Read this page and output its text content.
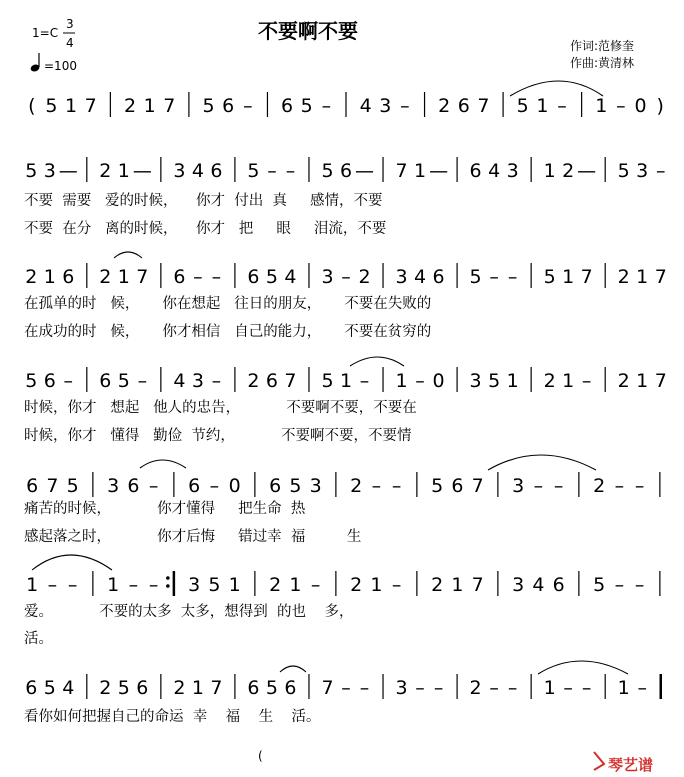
1=C
3
4
=100
不要啊不要
作词:范修奎
作曲:黄清林
( 5 1 7 2 1 7 5 6 – 6 5 – 4 3 – 2 6 7 5 1 – 1 – 0 )
5 3 — 2 1 — 3 4 6 5 – – 5 6 — 7 1 — 6 4 3 1 2 — 5 3 –
2 1 6 2 1 7 6 – – 6 5 4 3 – 2 3 4 6 5 – – 5 1 7 2 1 7
5 6 – 6 5 – 4 3 – 2 6 7 5 1 – 1 – 0 3 5 1 2 1 – 2 1 7
6 7 5 3 6 – 6 – 0 6 5 3 2 – – 5 6 7 3 – – 2 – –
1 – – 1 – – 3 5 1 2 1 – 2 1 – 2 1 7 3 4 6 5 – –
6 5 4 2 5 6 2 1 7 6 5 6 7 – – 3 – – 2 – – 1 – – 1 –
不要  需要   爱的时候，    你才  付出  真     感情，不要
不要  在分   离的时候，    你才   把     眼     泪流，不要
在孤单的时   候，     你在想起   往日的朋友，     不要在失败的
在成功的时   候，     你才相信   自己的能力，     不要在贫穷的
时候，你才   想起   他人的忠告，          不要啊不要，不要在
时候，你才   懂得   勤俭  节约，          不要啊不要，不要情
痛苦的时候，          你才懂得     把生命  热
感起落之时，          你才后悔     错过幸  福         生
爱。          不要的太多  太多，想得到  的也    多，
活。
看你如何把握自己的命运  幸    福    生    活。
(	琴艺谱
